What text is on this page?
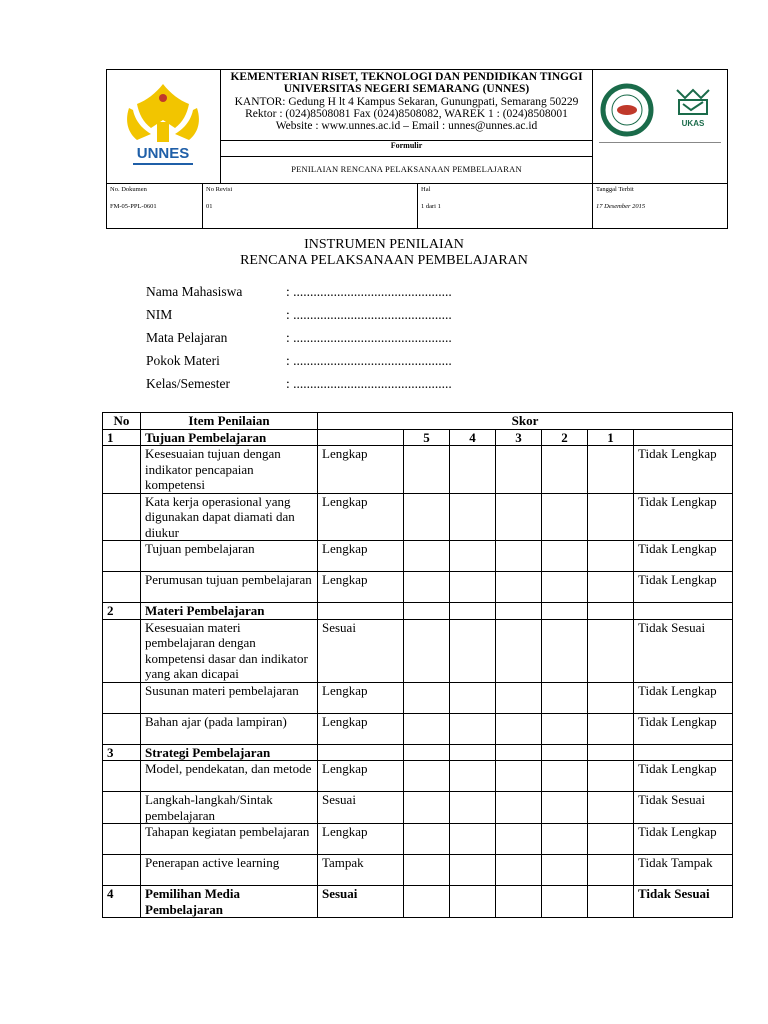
UNNES
KEMENTERIAN RISET, TEKNOLOGI DAN PENDIDIKAN TINGGI
UNIVERSITAS NEGERI SEMARANG (UNNES)
KANTOR: Gedung H lt 4 Kampus Sekaran, Gunungpati, Semarang 50229
Rektor : (024)8508081 Fax (024)8508082, WAREK 1 : (024)8508001
Website : www.unnes.ac.id – Email : unnes@unnes.ac.id
Formulir
PENILAIAN RENCANA PELAKSANAAN PEMBELAJARAN
UKAS
No. Dokumen
FM-05-PPL-0601
No Revisi
01
Hal
1 dari 1
Tanggal Terbit
17 Desember 2015
INSTRUMEN PENILAIAN
RENCANA PELAKSANAAN PEMBELAJARAN
Nama Mahasiswa	: ...............................................
NIM	: ...............................................
Mata Pelajaran	: ...............................................
Pokok Materi	: ...............................................
Kelas/Semester	: ...............................................
No	Item Penilaian	Skor						
1	Tujuan Pembelajaran		5	4	3	2	1	
	Kesesuaian tujuan dengan indikator pencapaian kompetensi	Lengkap						Tidak Lengkap
	Kata kerja operasional yang digunakan dapat diamati dan diukur	Lengkap						Tidak Lengkap
	Tujuan pembelajaran	Lengkap						Tidak Lengkap
	Perumusan tujuan pembelajaran	Lengkap						Tidak Lengkap
2	Materi Pembelajaran							
	Kesesuaian materi pembelajaran dengan kompetensi dasar dan indikator yang akan dicapai	Sesuai						Tidak Sesuai
	Susunan materi pembelajaran	Lengkap						Tidak Lengkap
	Bahan ajar (pada lampiran)	Lengkap						Tidak Lengkap
3	Strategi Pembelajaran							
	Model, pendekatan, dan metode	Lengkap						Tidak Lengkap
	Langkah-langkah/Sintak pembelajaran	Sesuai						Tidak Sesuai
	Tahapan kegiatan pembelajaran	Lengkap						Tidak Lengkap
	Penerapan active learning	Tampak						Tidak Tampak
4	Pemilihan Media Pembelajaran	Sesuai						Tidak Sesuai
